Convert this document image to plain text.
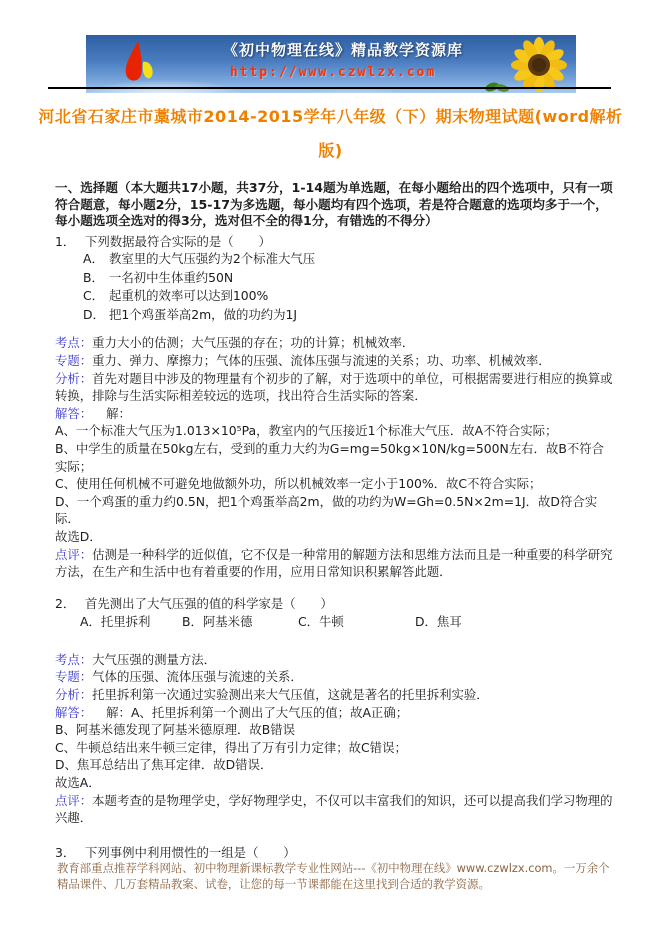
《初中物理在线》精品教学资源库
http://www.czwlzx.com
河北省石家庄市藁城市2014-2015学年八年级（下）期末物理试题(word解析
版)
一、选择题（本大题共17小题，共37分，1-14题为单选题，在每小题给出的四个选项中，只有一项符合题意，每小题2分，15-17为多选题，每小题均有四个选项，若是符合题意的选项均多于一个，每小题选项全选对的得3分，选对但不全的得1分，有错选的不得分）
1． 下列数据最符合实际的是（　　）
A． 教室里的大气压强约为2个标准大气压
B． 一名初中生体重约50N
C． 起重机的效率可以达到100%
D． 把1个鸡蛋举高2m，做的功约为1J

考点：重力大小的估测；大气压强的存在；功的计算；机械效率．

专题：重力、弹力、摩擦力；气体的压强、流体压强与流速的关系；功、功率、机械效率．

分析：首先对题目中涉及的物理量有个初步的了解，对于选项中的单位，可根据需要进行相应的换算或转换，排除与生活实际相差较远的选项，找出符合生活实际的答案．

解答： 解：

A、一个标准大气压为1.013×10⁵Pa，教室内的气压接近1个标准大气压．故A不符合实际；
B、中学生的质量在50kg左右，受到的重力大约为G=mg=50kg×10N/kg=500N左右．故B不符合实际；
C、使用任何机械不可避免地做额外功，所以机械效率一定小于100%．故C不符合实际；
D、一个鸡蛋的重力约0.5N，把1个鸡蛋举高2m，做的功约为W=Gh=0.5N×2m=1J．故D符合实际．
故选D．

点评：估测是一种科学的近似值，它不仅是一种常用的解题方法和思维方法而且是一种重要的科学研究方法，在生产和生活中也有着重要的作用，应用日常知识积累解答此题．

2． 首先测出了大气压强的值的科学家是（　　）
A．托里拆利	B．阿基米德	C．牛顿	D．焦耳

考点：大气压强的测量方法．

专题：气体的压强、流体压强与流速的关系．

分析：托里拆利第一次通过实验测出来大气压值，这就是著名的托里拆利实验．

解答： 解：A、托里拆利第一个测出了大气压的值；故A正确；

B、阿基米德发现了阿基米德原理．故B错误
C、牛顿总结出来牛顿三定律，得出了万有引力定律；故C错误；
D、焦耳总结出了焦耳定律．故D错误．
故选A．

点评：本题考查的是物理学史，学好物理学史，不仅可以丰富我们的知识，还可以提高我们学习物理的兴趣．

3． 下列事例中利用惯性的一组是（　　）
教育部重点推荐学科网站、初中物理新课标教学专业性网站---《初中物理在线》www.czwlzx.com。一万余个精品课件、几万套精品教案、试卷，让您的每一节课都能在这里找到合适的教学资源。
